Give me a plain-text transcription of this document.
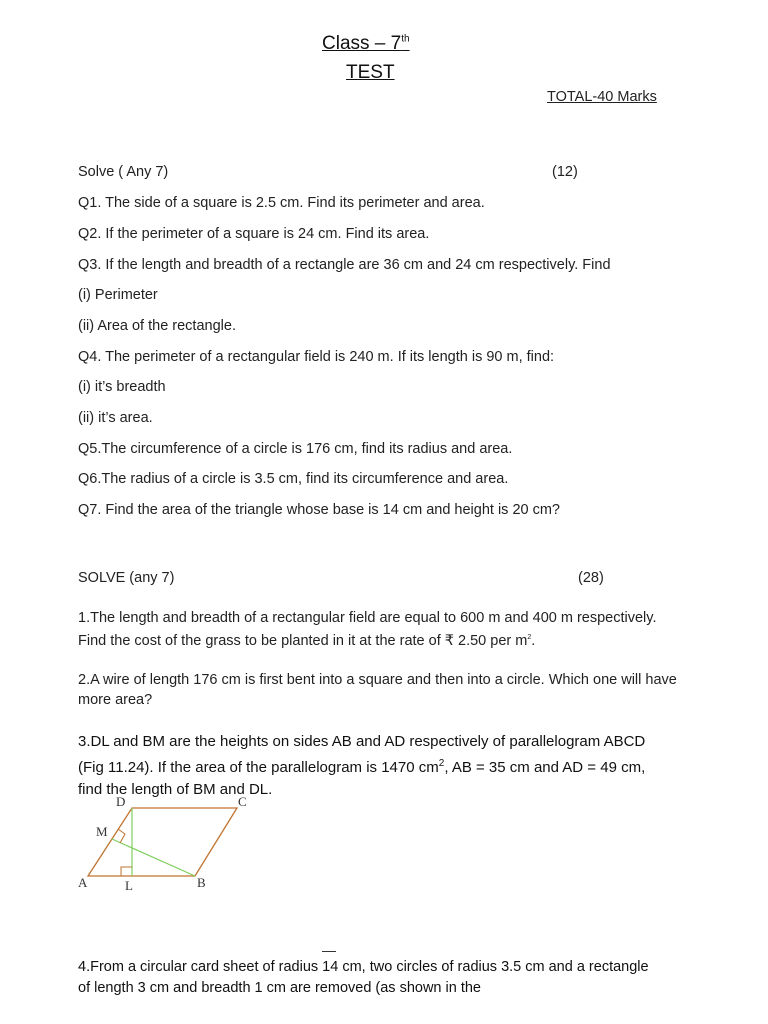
Class – 7th
TEST
TOTAL-40 Marks
Solve ( Any 7)	(12)
Q1. The side of a square is 2.5 cm. Find its perimeter and area.
Q2. If the perimeter of a square is 24 cm. Find its area.
Q3. If the length and breadth of a rectangle are 36 cm and 24 cm respectively. Find
(i) Perimeter
(ii) Area of the rectangle.
Q4. The perimeter of a rectangular field is 240 m. If its length is 90 m, find:
(i) it’s breadth
(ii) it’s area.
Q5.The circumference of a circle is 176 cm, find its radius and area.
Q6.The radius of a circle is 3.5 cm, find its circumference and area.
Q7. Find the area of the triangle whose base is 14 cm and height is 20 cm?
SOLVE (any 7)	(28)
1.The length and breadth of a rectangular field are equal to 600 m and 400 m respectively. Find the cost of the grass to be planted in it at the rate of ₹ 2.50 per $m^2$.
2.A wire of length 176 cm is first bent into a square and then into a circle. Which one will have more area?
3.DL and BM are the heights on sides AB and AD respectively of parallelogram ABCD (Fig 11.24). If the area of the parallelogram is 1470 $cm^2$, AB = 35 cm and AD = 49 cm, find the length of BM and DL.
D	C
M
A	L	B
4.From a circular card sheet of radius 14 cm, two circles of radius 3.5 cm and a rectangle of length 3 cm and breadth 1 cm are removed (as shown in the
